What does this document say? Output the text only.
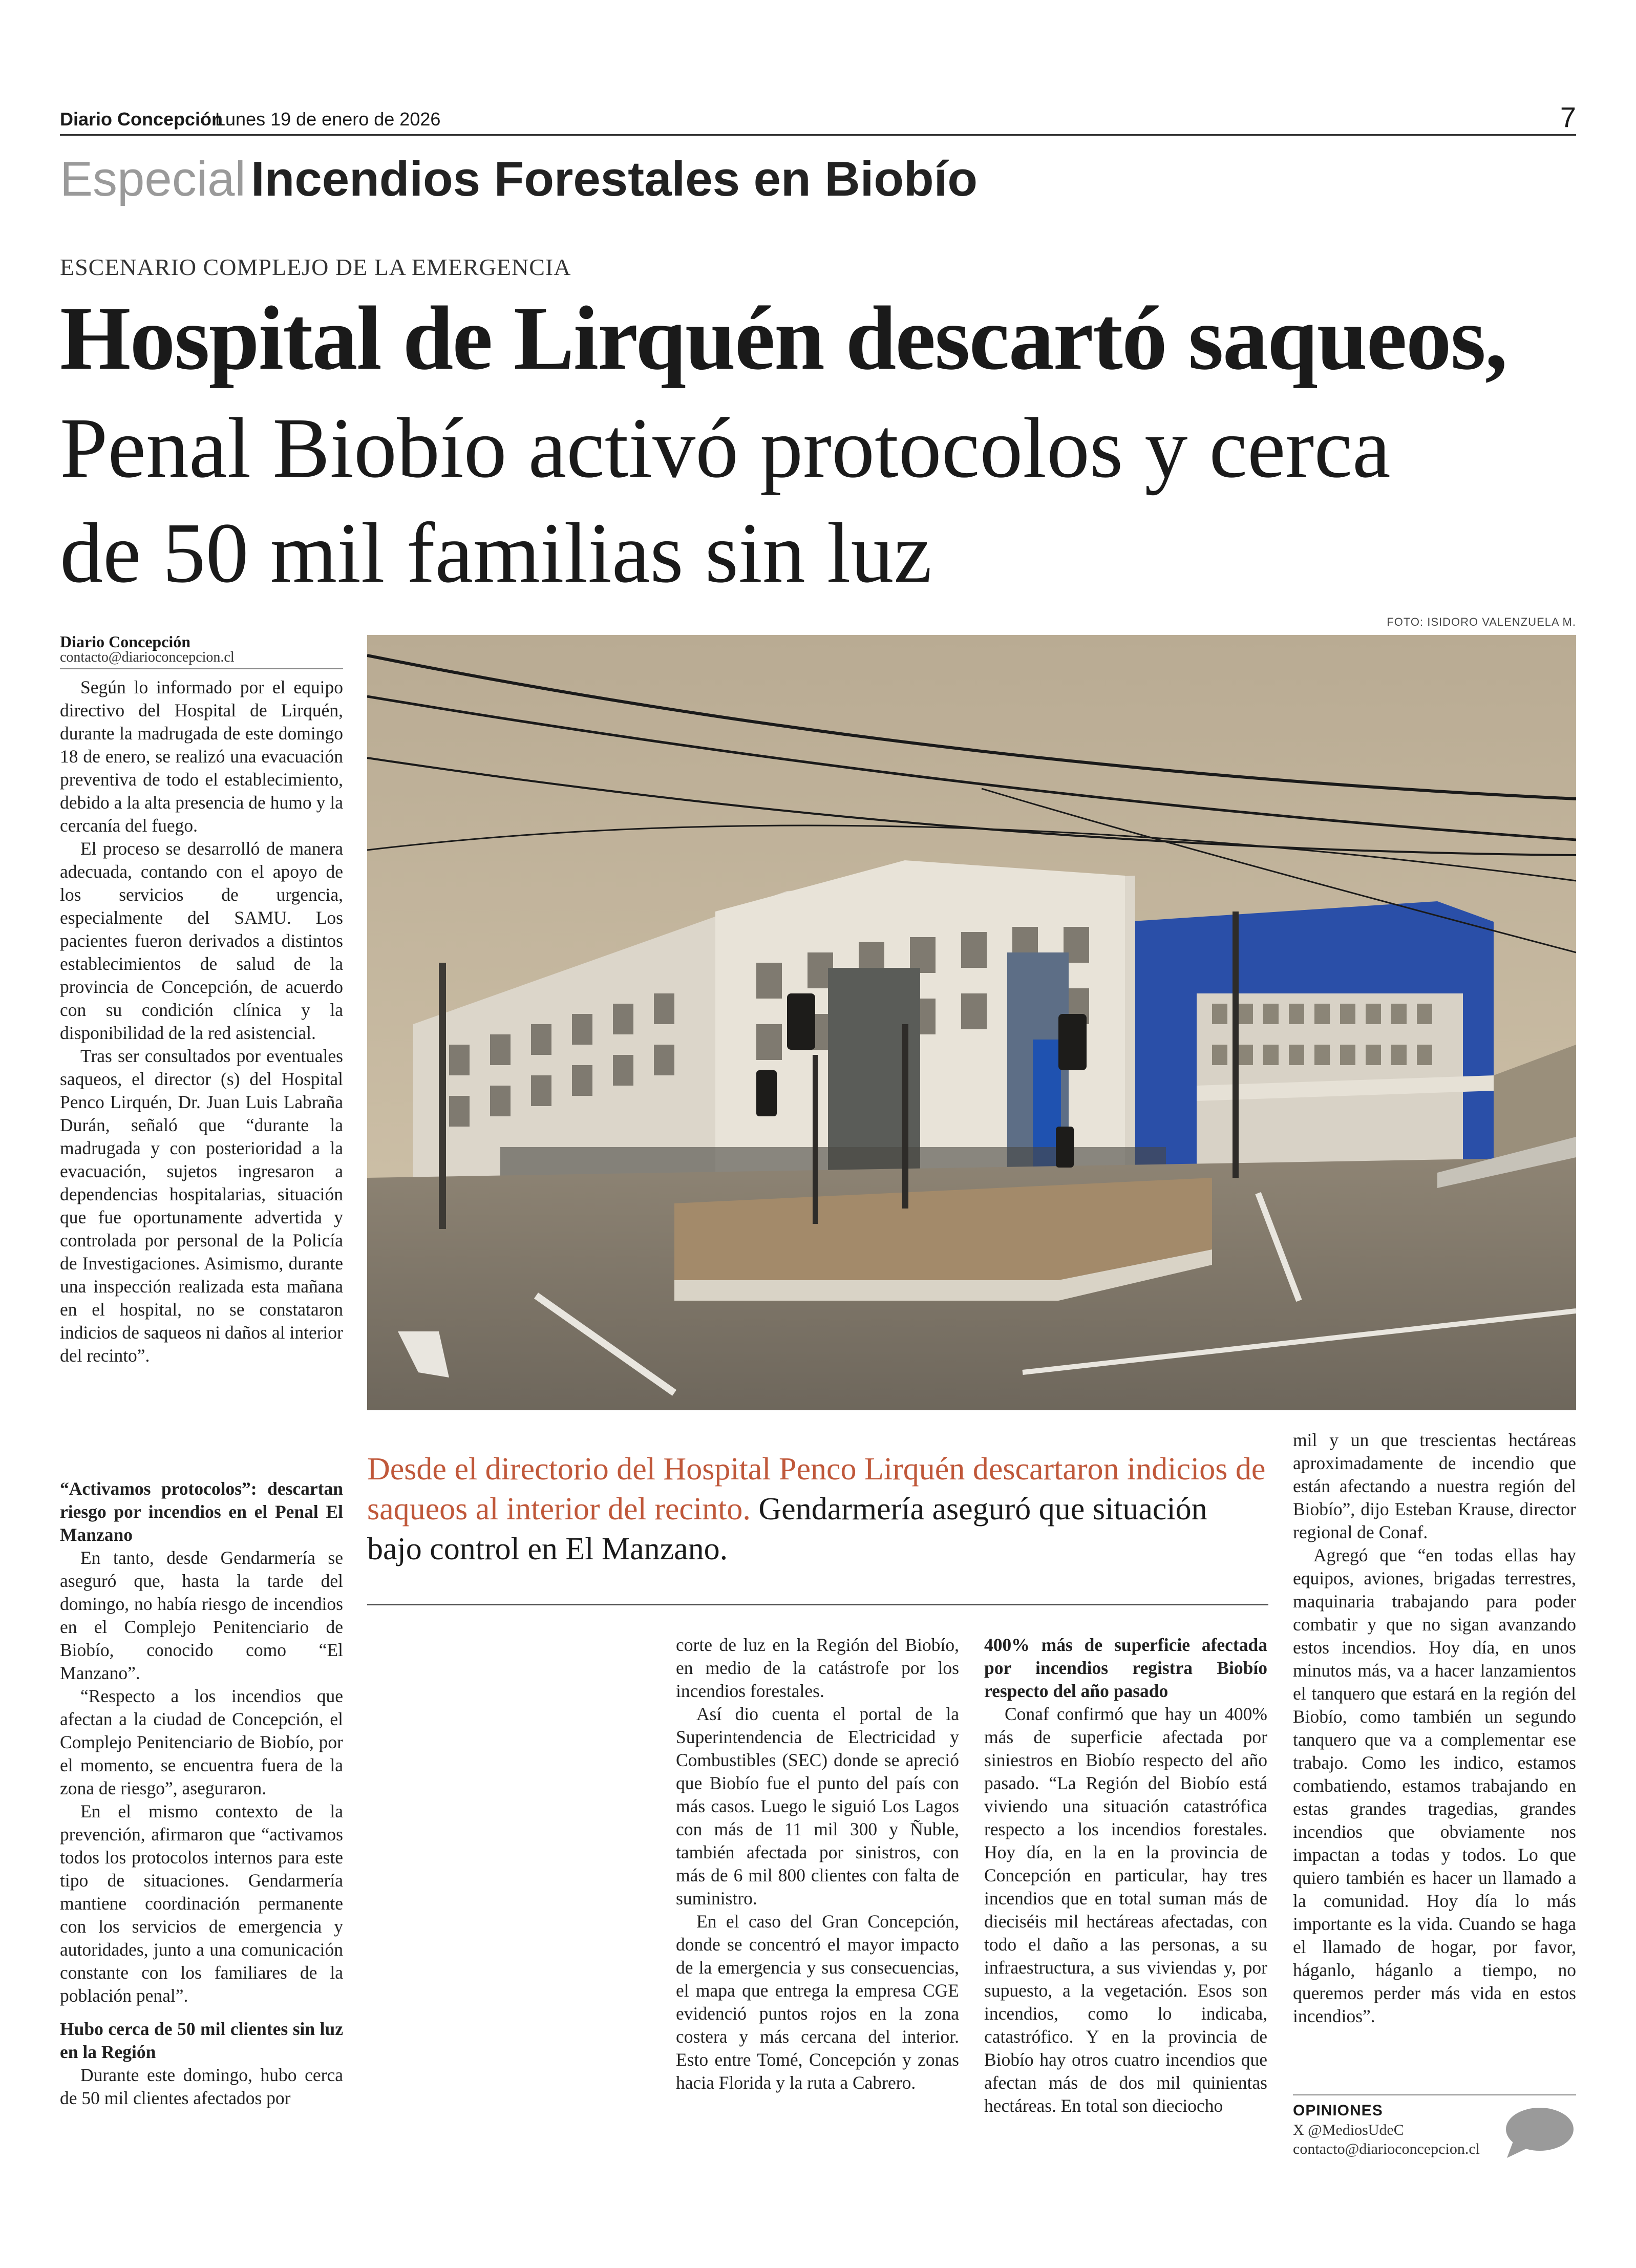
Diario Concepción
Lunes 19 de enero de 2026	7
Especial Incendios Forestales en Biobío
ESCENARIO COMPLEJO DE LA EMERGENCIA
Hospital de Lirquén descartó saqueos,
Penal Biobío activó protocolos y cerca
de 50 mil familias sin luz
Diario Concepción
contacto@diarioconcepcion.cl
FOTO: ISIDORO VALENZUELA M.

Según lo informado por el equipo directivo del Hospital de Lirquén, durante la madrugada de este domingo 18 de enero, se realizó una evacuación preventiva de todo el establecimiento, debido a la alta presencia de humo y la cercanía del fuego.

El proceso se desarrolló de manera adecuada, contando con el apoyo de los servicios de urgencia, especialmente del SAMU. Los pacientes fueron derivados a distintos establecimientos de salud de la provincia de Concepción, de acuerdo con su condición clínica y la disponibilidad de la red asistencial.

Tras ser consultados por eventuales saqueos, el director (s) del Hospital Penco Lirquén, Dr. Juan Luis Labraña Durán, señaló que “durante la madrugada y con posterioridad a la evacuación, sujetos ingresaron a dependencias hospitalarias, situación que fue oportunamente advertida y controlada por personal de la Policía de Investigaciones. Asimismo, durante una inspección realizada esta mañana en el hospital, no se constataron indicios de saqueos ni daños al interior del recinto”.

“Activamos protocolos”: descartan riesgo por incendios en el Penal El Manzano

En tanto, desde Gendarmería se aseguró que, hasta la tarde del domingo, no había riesgo de incendios en el Complejo Penitenciario de Biobío, conocido como “El Manzano”.

“Respecto a los incendios que afectan a la ciudad de Concepción, el Complejo Penitenciario de Biobío, por el momento, se encuentra fuera de la zona de riesgo”, aseguraron.

En el mismo contexto de la prevención, afirmaron que “activamos todos los protocolos internos para este tipo de situaciones. Gendarmería mantiene coordinación permanente con los servicios de emergencia y autoridades, junto a una comunicación constante con los familiares de la población penal”.

Hubo cerca de 50 mil clientes sin luz en la Región

Durante este domingo, hubo cerca de 50 mil clientes afectados por

Desde el directorio del Hospital Penco Lirquén descartaron indicios de saqueos al interior del recinto. Gendarmería aseguró que situación bajo control en El Manzano.

corte de luz en la Región del Biobío, en medio de la catástrofe por los incendios forestales.

Así dio cuenta el portal de la Superintendencia de Electricidad y Combustibles (SEC) donde se apreció que Biobío fue el punto del país con más casos. Luego le siguió Los Lagos con más de 11 mil 300 y Ñuble, también afectada por sinistros, con más de 6 mil 800 clientes con falta de suministro.

En el caso del Gran Concepción, donde se concentró el mayor impacto de la emergencia y sus consecuencias, el mapa que entrega la empresa CGE evidenció puntos rojos en la zona costera y más cercana del interior. Esto entre Tomé, Concepción y zonas hacia Florida y la ruta a Cabrero.

400% más de superficie afectada por incendios registra Biobío respecto del año pasado

Conaf confirmó que hay un 400% más de superficie afectada por siniestros en Biobío respecto del año pasado. “La Región del Biobío está viviendo una situación catastrófica respecto a los incendios forestales. Hoy día, en la en la provincia de Concepción en particular, hay tres incendios que en total suman más de dieciséis mil hectáreas afectadas, con todo el daño a las personas, a su infraestructura, a sus viviendas y, por supuesto, a la vegetación. Esos son incendios, como lo indicaba, catastrófico. Y en la provincia de Biobío hay otros cuatro incendios que afectan más de dos mil quinientas hectáreas. En total son dieciocho

mil y un que trescientas hectáreas aproximadamente de incendio que están afectando a nuestra región del Biobío”, dijo Esteban Krause, director regional de Conaf.

Agregó que “en todas ellas hay equipos, aviones, brigadas terrestres, maquinaria trabajando para poder combatir y que no sigan avanzando estos incendios. Hoy día, en unos minutos más, va a hacer lanzamientos el tanquero que estará en la región del Biobío, como también un segundo tanquero que va a complementar ese trabajo. Como les indico, estamos combatiendo, estamos trabajando en estas grandes tragedias, grandes incendios que obviamente nos impactan a todas y todos. Lo que quiero también es hacer un llamado a la comunidad. Hoy día lo más importante es la vida. Cuando se haga el llamado de hogar, por favor, háganlo, háganlo a tiempo, no queremos perder más vida en estos incendios”.

OPINIONES
X @MediosUdeC
contacto@diarioconcepcion.cl
